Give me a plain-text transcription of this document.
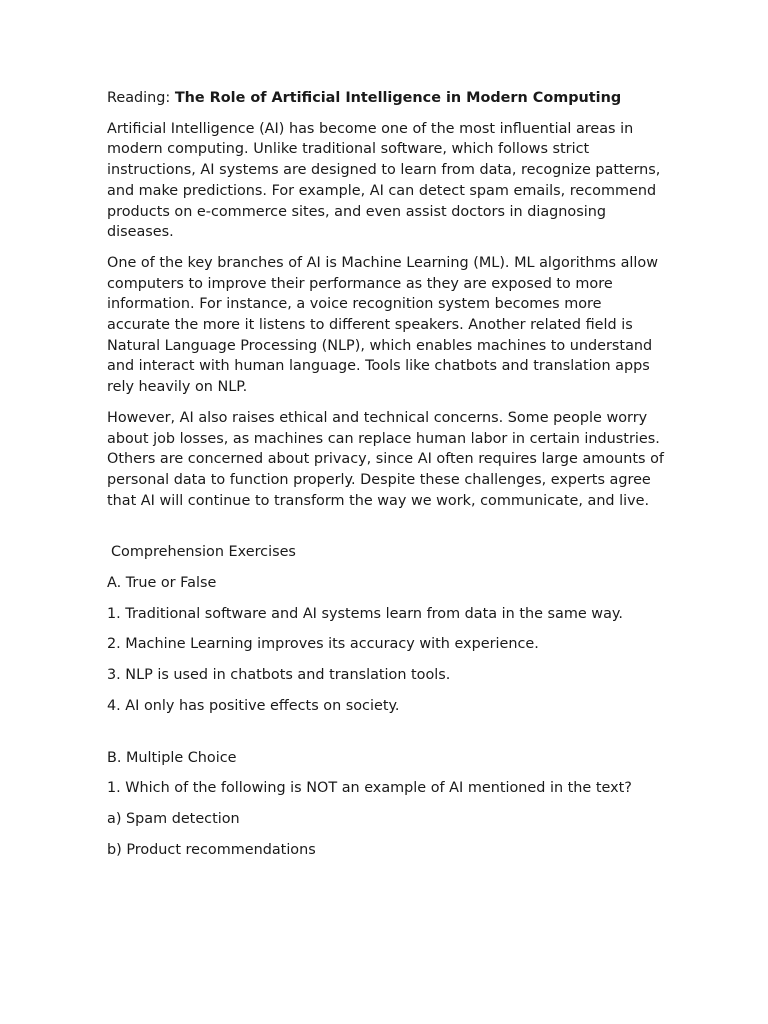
Reading: The Role of Artificial Intelligence in Modern Computing

Artificial Intelligence (AI) has become one of the most influential areas in modern computing. Unlike traditional software, which follows strict instructions, AI systems are designed to learn from data, recognize patterns, and make predictions. For example, AI can detect spam emails, recommend products on e-commerce sites, and even assist doctors in diagnosing diseases.

One of the key branches of AI is Machine Learning (ML). ML algorithms allow computers to improve their performance as they are exposed to more information. For instance, a voice recognition system becomes more accurate the more it listens to different speakers. Another related field is Natural Language Processing (NLP), which enables machines to understand and interact with human language. Tools like chatbots and translation apps rely heavily on NLP.

However, AI also raises ethical and technical concerns. Some people worry about job losses, as machines can replace human labor in certain industries. Others are concerned about privacy, since AI often requires large amounts of personal data to function properly. Despite these challenges, experts agree that AI will continue to transform the way we work, communicate, and live.

Comprehension Exercises

A. True or False

1. Traditional software and AI systems learn from data in the same way.

2. Machine Learning improves its accuracy with experience.

3. NLP is used in chatbots and translation tools.

4. AI only has positive effects on society.

B. Multiple Choice

1. Which of the following is NOT an example of AI mentioned in the text?

a) Spam detection

b) Product recommendations
